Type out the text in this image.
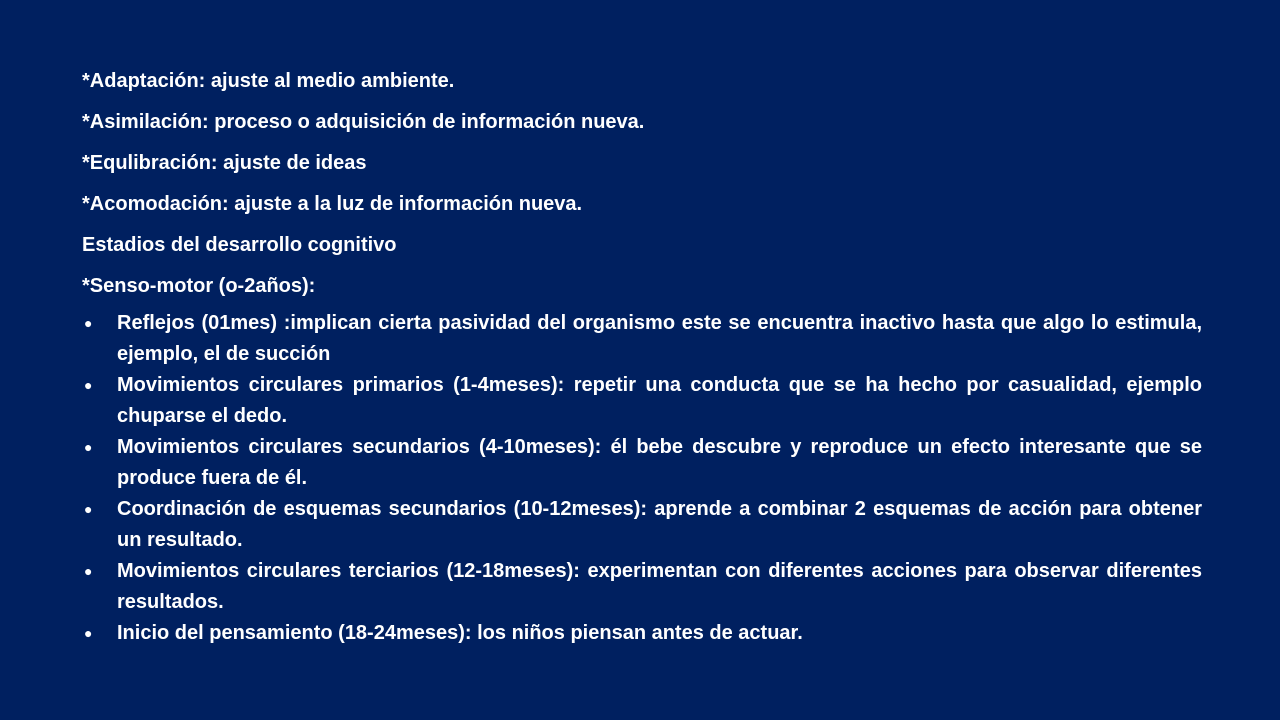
*Adaptación: ajuste al medio ambiente.

*Asimilación: proceso o adquisición de información nueva.

*Equlibración: ajuste de ideas

*Acomodación: ajuste a la luz de información nueva.

Estadios del desarrollo cognitivo

*Senso-motor (o-2años):

● Reflejos (01mes) :implican cierta pasividad del organismo este se encuentra inactivo hasta que algo lo estimula, ejemplo, el de succión
● Movimientos circulares primarios (1-4meses): repetir una conducta que se ha hecho por casualidad, ejemplo chuparse el dedo.
● Movimientos circulares secundarios (4-10meses): él bebe descubre y reproduce un efecto interesante que se produce fuera de él.
● Coordinación de esquemas secundarios (10-12meses): aprende a combinar 2 esquemas de acción para obtener un resultado.
● Movimientos circulares terciarios (12-18meses): experimentan con diferentes acciones para observar diferentes resultados.
● Inicio del pensamiento (18-24meses): los niños piensan antes de actuar.
